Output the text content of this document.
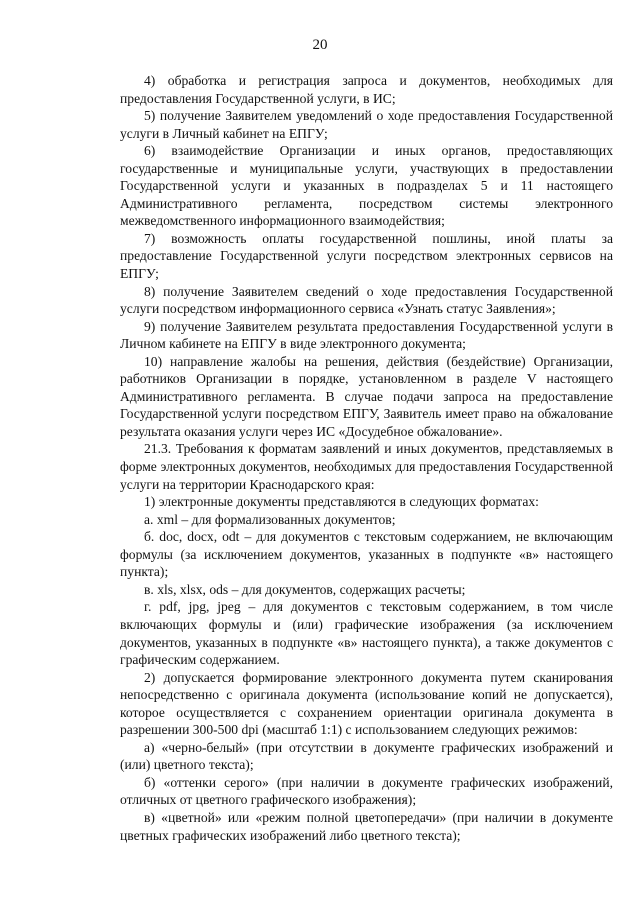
20

4) обработка и регистрация запроса и документов, необходимых для предоставления Государственной услуги, в ИС;

5) получение Заявителем уведомлений о ходе предоставления Государственной услуги в Личный кабинет на ЕПГУ;

6) взаимодействие Организации и иных органов, предоставляющих государственные и муниципальные услуги, участвующих в предоставлении Государственной услуги и указанных в подразделах 5 и 11 настоящего Административного регламента, посредством системы электронного межведомственного информационного взаимодействия;

7) возможность оплаты государственной пошлины, иной платы за предоставление Государственной услуги посредством электронных сервисов на ЕПГУ;

8) получение Заявителем сведений о ходе предоставления Государственной услуги посредством информационного сервиса «Узнать статус Заявления»;

9) получение Заявителем результата предоставления Государственной услуги в Личном кабинете на ЕПГУ в виде электронного документа;

10) направление жалобы на решения, действия (бездействие) Организации, работников Организации в порядке, установленном в разделе V настоящего Административного регламента. В случае подачи запроса на предоставление Государственной услуги посредством ЕПГУ, Заявитель имеет право на обжалование результата оказания услуги через ИС «Досудебное обжалование».

21.3. Требования к форматам заявлений и иных документов, представляемых в форме электронных документов, необходимых для предоставления Государственной услуги на территории Краснодарского края:

1) электронные документы представляются в следующих форматах:

а. xml – для формализованных документов;

б. doc, docx, odt – для документов с текстовым содержанием, не включающим формулы (за исключением документов, указанных в подпункте «в» настоящего пункта);

в. xls, xlsx, ods – для документов, содержащих расчеты;

г. pdf, jpg, jpeg – для документов с текстовым содержанием, в том числе включающих формулы и (или) графические изображения (за исключением документов, указанных в подпункте «в» настоящего пункта), а также документов с графическим содержанием.

2) допускается формирование электронного документа путем сканирования непосредственно с оригинала документа (использование копий не допускается), которое осуществляется с сохранением ориентации оригинала документа в разрешении 300-500 dpi (масштаб 1:1) с использованием следующих режимов:

а) «черно-белый» (при отсутствии в документе графических изображений и (или) цветного текста);

б) «оттенки серого» (при наличии в документе графических изображений, отличных от цветного графического изображения);

в) «цветной» или «режим полной цветопередачи» (при наличии в документе цветных графических изображений либо цветного текста);
